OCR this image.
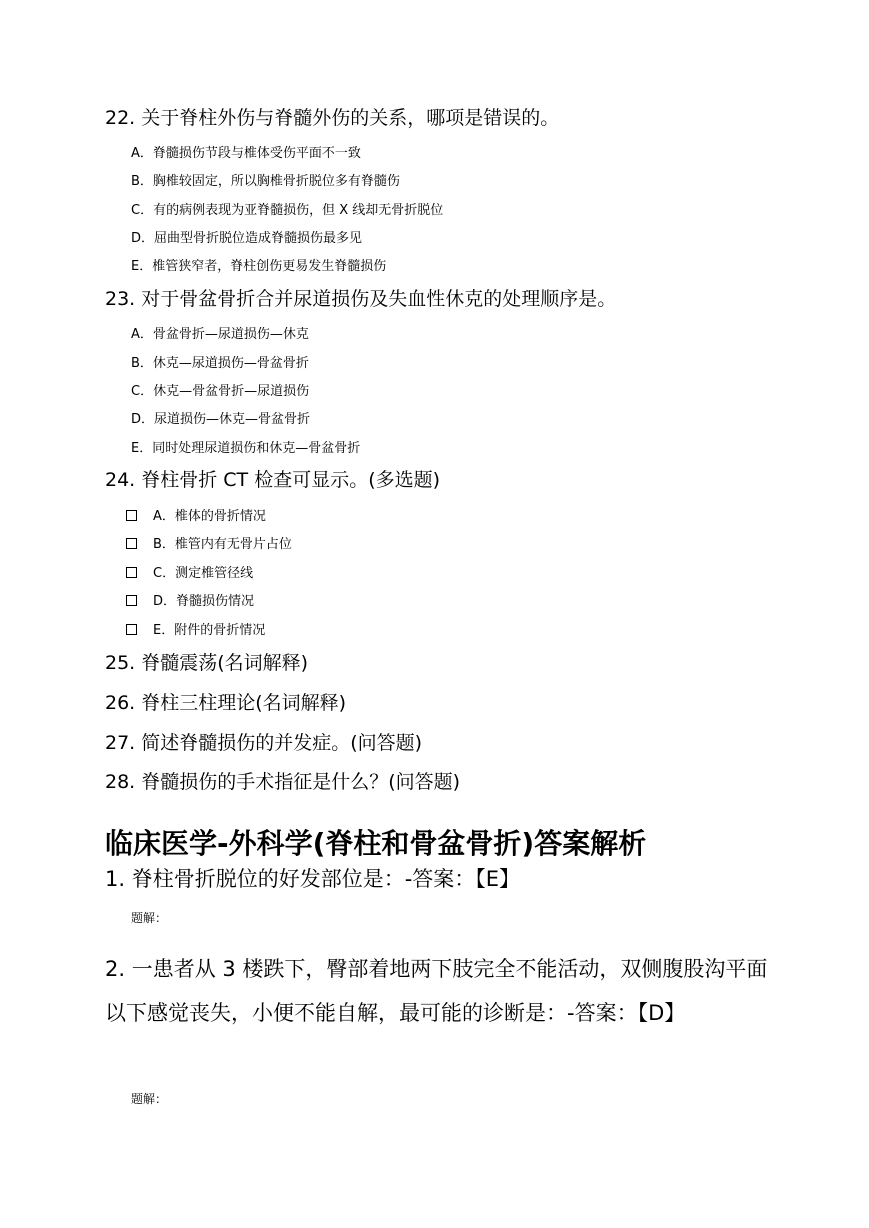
22. 关于脊柱外伤与脊髓外伤的关系，哪项是错误的。
A．脊髓损伤节段与椎体受伤平面不一致
B．胸椎较固定，所以胸椎骨折脱位多有脊髓伤
C．有的病例表现为亚脊髓损伤，但 X 线却无骨折脱位
D．屈曲型骨折脱位造成脊髓损伤最多见
E．椎管狭窄者，脊柱创伤更易发生脊髓损伤
23. 对于骨盆骨折合并尿道损伤及失血性休克的处理顺序是。
A．骨盆骨折—尿道损伤—休克
B．休克—尿道损伤—骨盆骨折
C．休克—骨盆骨折—尿道损伤
D．尿道损伤—休克—骨盆骨折
E．同时处理尿道损伤和休克—骨盆骨折
24. 脊柱骨折 CT 检查可显示。(多选题)
A．椎体的骨折情况
B．椎管内有无骨片占位
C．测定椎管径线
D．脊髓损伤情况
E．附件的骨折情况
25. 脊髓震荡(名词解释)
26. 脊柱三柱理论(名词解释)
27. 简述脊髓损伤的并发症。(问答题)
28. 脊髓损伤的手术指征是什么？(问答题)
临床医学-外科学(脊柱和骨盆骨折)答案解析
1. 脊柱骨折脱位的好发部位是：-答案：【E】
题解：
2. 一患者从 3 楼跌下，臀部着地两下肢完全不能活动，双侧腹股沟平面以下感觉丧失，小便不能自解，最可能的诊断是：-答案：【D】
题解：
